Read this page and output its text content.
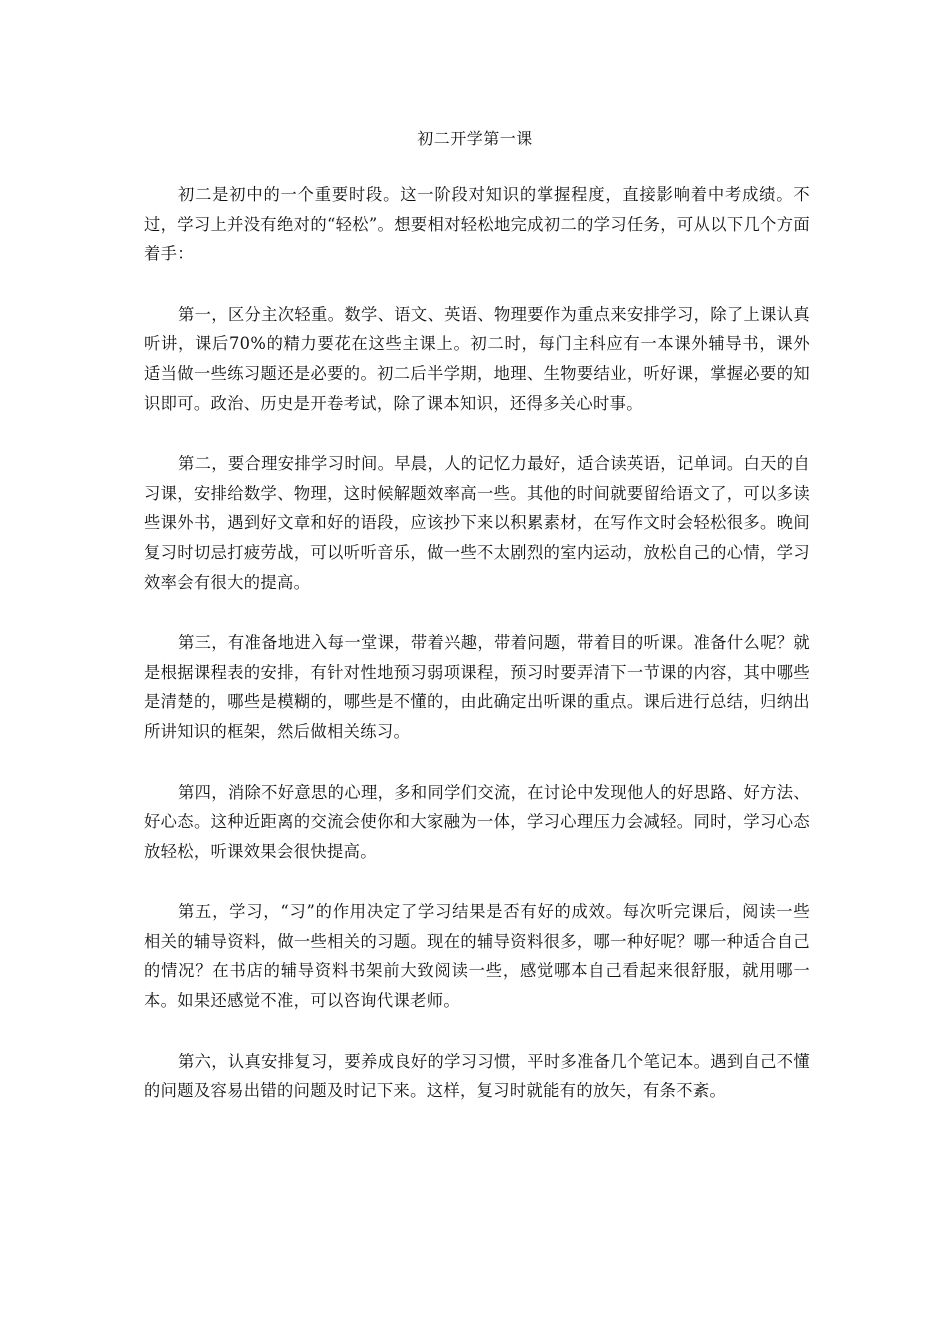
初二开学第一课

初二是初中的一个重要时段。这一阶段对知识的掌握程度，直接影响着中考成绩。不过，学习上并没有绝对的“轻松”。想要相对轻松地完成初二的学习任务，可从以下几个方面着手：

第一，区分主次轻重。数学、语文、英语、物理要作为重点来安排学习，除了上课认真听讲，课后70%的精力要花在这些主课上。初二时，每门主科应有一本课外辅导书，课外适当做一些练习题还是必要的。初二后半学期，地理、生物要结业，听好课，掌握必要的知识即可。政治、历史是开卷考试，除了课本知识，还得多关心时事。

第二，要合理安排学习时间。早晨，人的记忆力最好，适合读英语，记单词。白天的自习课，安排给数学、物理，这时候解题效率高一些。其他的时间就要留给语文了，可以多读些课外书，遇到好文章和好的语段，应该抄下来以积累素材，在写作文时会轻松很多。晚间复习时切忌打疲劳战，可以听听音乐，做一些不太剧烈的室内运动，放松自己的心情，学习效率会有很大的提高。

第三，有准备地进入每一堂课，带着兴趣，带着问题，带着目的听课。准备什么呢？就是根据课程表的安排，有针对性地预习弱项课程，预习时要弄清下一节课的内容，其中哪些是清楚的，哪些是模糊的，哪些是不懂的，由此确定出听课的重点。课后进行总结，归纳出所讲知识的框架，然后做相关练习。

第四，消除不好意思的心理，多和同学们交流，在讨论中发现他人的好思路、好方法、好心态。这种近距离的交流会使你和大家融为一体，学习心理压力会减轻。同时，学习心态放轻松，听课效果会很快提高。

第五，学习，“习”的作用决定了学习结果是否有好的成效。每次听完课后，阅读一些相关的辅导资料，做一些相关的习题。现在的辅导资料很多，哪一种好呢？哪一种适合自己的情况？在书店的辅导资料书架前大致阅读一些，感觉哪本自己看起来很舒服，就用哪一本。如果还感觉不准，可以咨询代课老师。

第六，认真安排复习，要养成良好的学习习惯，平时多准备几个笔记本。遇到自己不懂的问题及容易出错的问题及时记下来。这样，复习时就能有的放矢，有条不紊。
